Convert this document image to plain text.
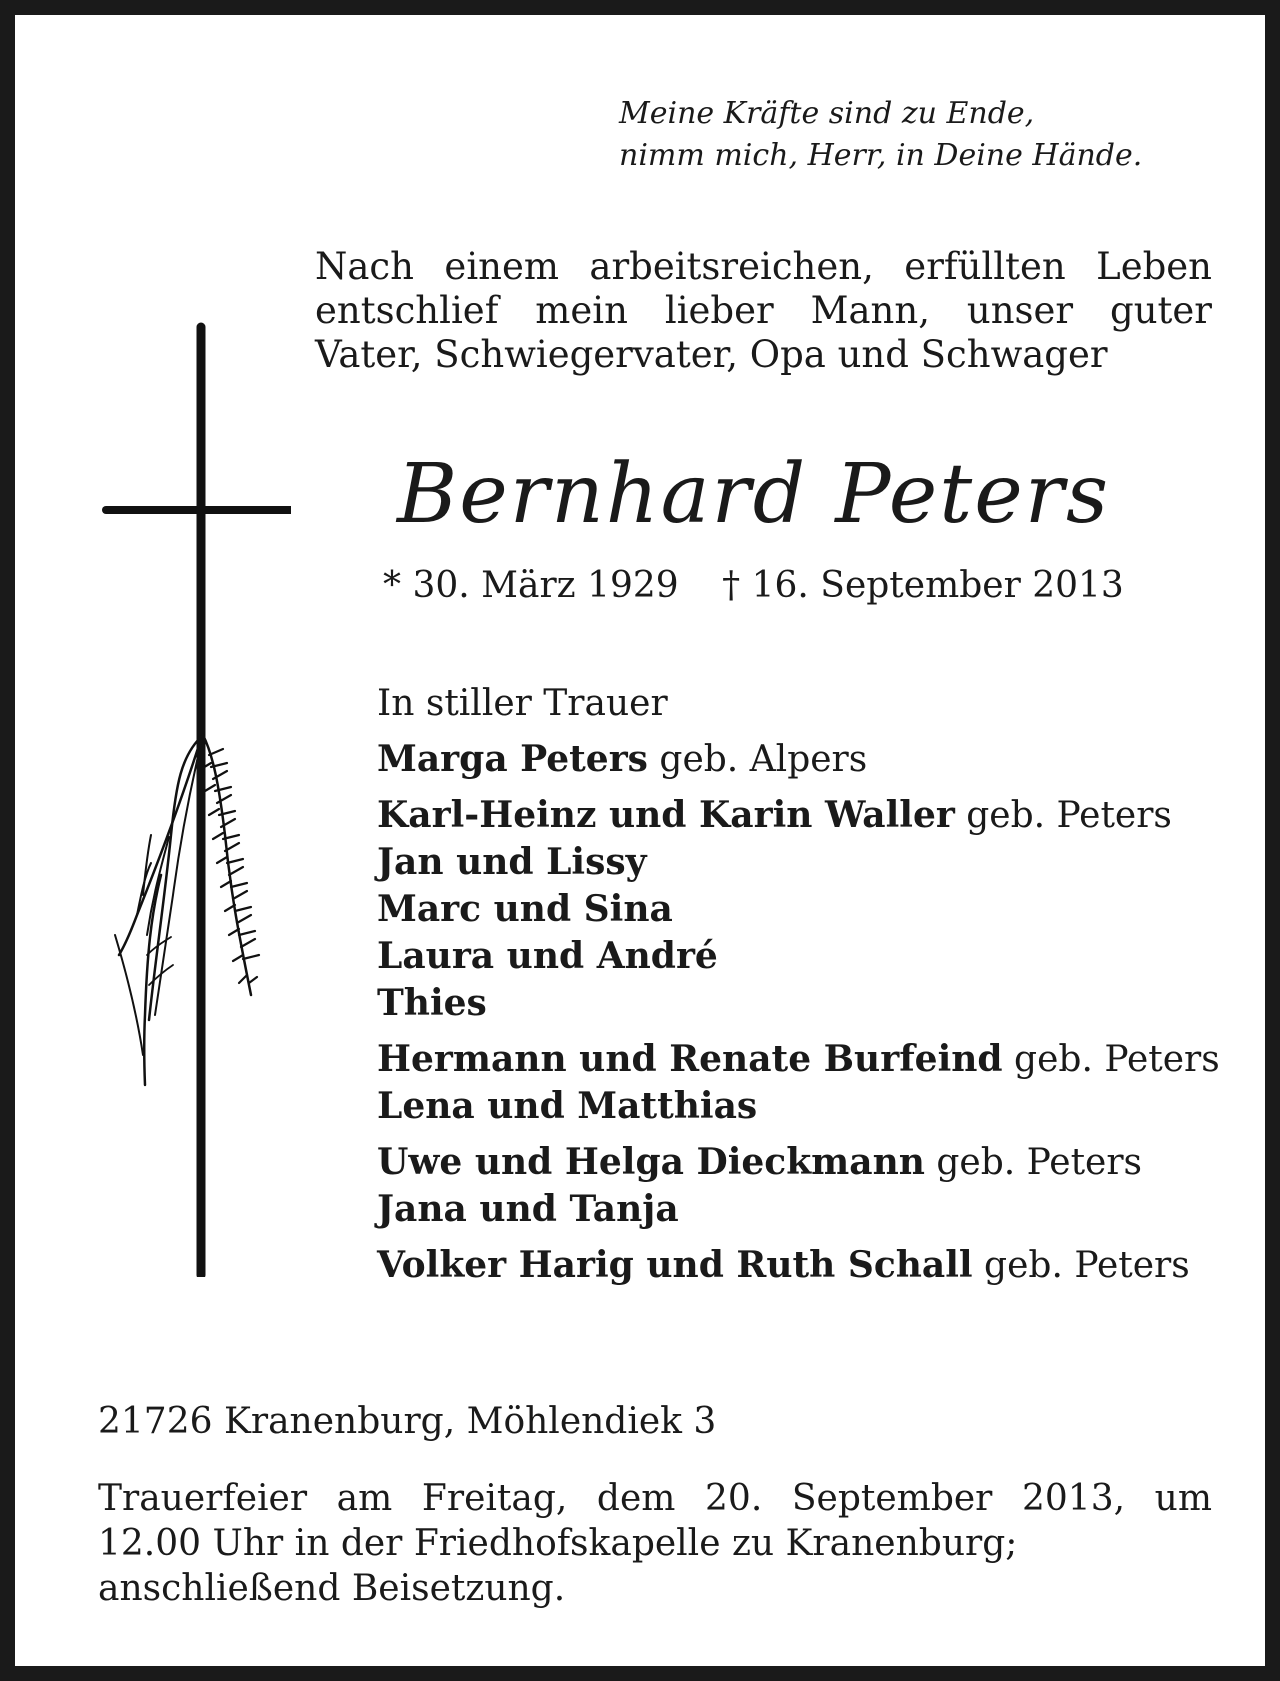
Meine Kräfte sind zu Ende,
nimm mich, Herr, in Deine Hände.
Nach einem arbeitsreichen, erfüllten Leben
entschlief mein lieber Mann, unser guter
Vater, Schwiegervater, Opa und Schwager
Bernhard Peters
* 30. März 1929 † 16. September 2013
In stiller Trauer
Marga Peters geb. Alpers
Karl-Heinz und Karin Waller geb. Peters
Jan und Lissy
Marc und Sina
Laura und André
Thies
Hermann und Renate Burfeind geb. Peters
Lena und Matthias
Uwe und Helga Dieckmann geb. Peters
Jana und Tanja
Volker Harig und Ruth Schall geb. Peters
21726 Kranenburg, Möhlendiek 3
Trauerfeier am Freitag, dem 20. September 2013, um
12.00 Uhr in der Friedhofskapelle zu Kranenburg;
anschließend Beisetzung.
